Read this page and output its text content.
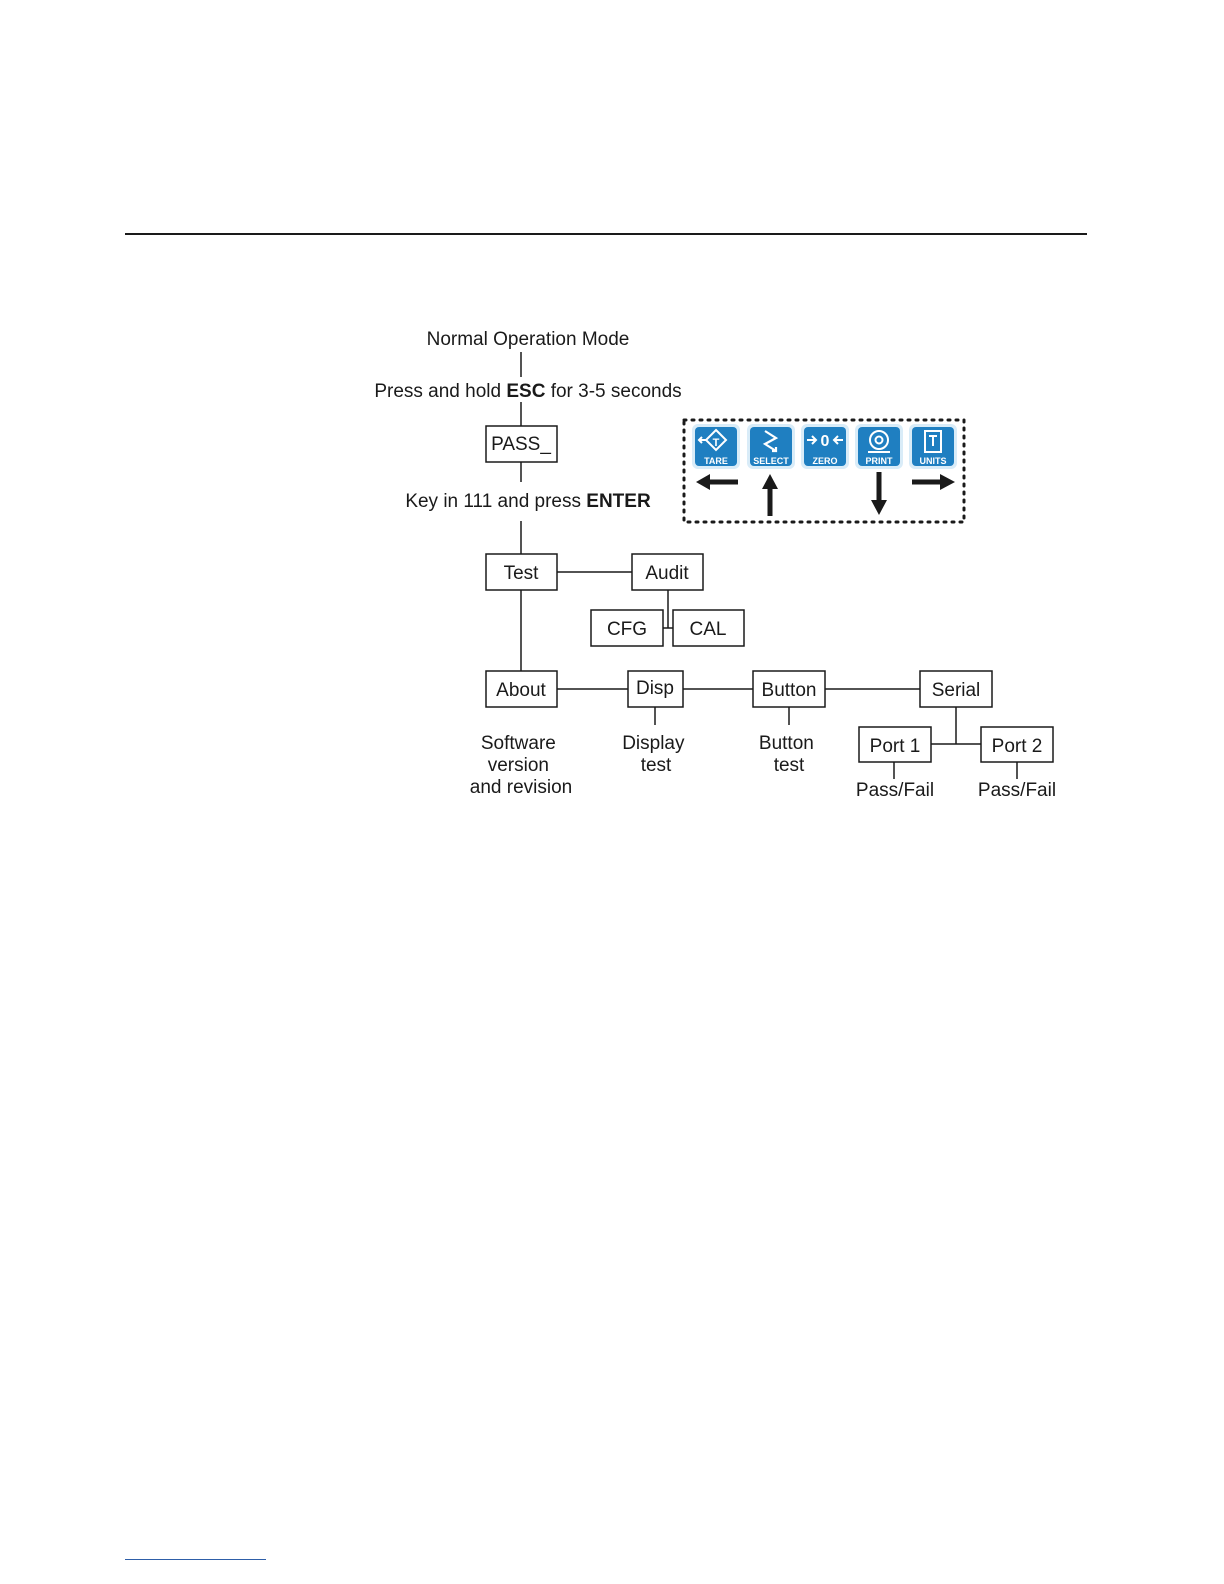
Normal Operation Mode
Press and hold ESC for 3-5 seconds
Key in 111 and press ENTER
PASS_
Test	Audit
CFG CAL
About	Disp	Button	Serial
Port 1	Port 2
Software version and revision
Display test
Button test
Pass/Fail Pass/Fail
T
TARE	SELECT
0
ZERO	PRINT	UNITS
